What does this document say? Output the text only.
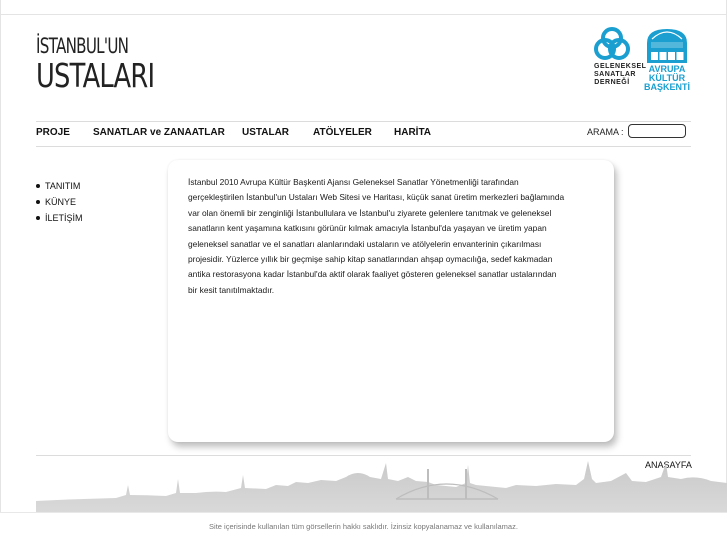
İSTANBUL'UN
USTALARI	GELENEKSEL
SANATLAR
DERNEĞİ
AVRUPA
KÜLTÜR
BAŞKENTİ
PROJE SANATLAR ve ZANAATLAR USTALAR ATÖLYELER HARİTA	ARAMA :
TANITIM
KÜNYE
İLETİŞİM
İstanbul 2010 Avrupa Kültür Başkenti Ajansı Geleneksel Sanatlar Yönetmenliği tarafından
gerçekleştirilen İstanbul'un Ustaları Web Sitesi ve Haritası, küçük sanat üretim merkezleri bağlamında
var olan önemli bir zenginliği İstanbullulara ve İstanbul'u ziyarete gelenlere tanıtmak ve geleneksel
sanatların kent yaşamına katkısını görünür kılmak amacıyla İstanbul'da yaşayan ve üretim yapan
geleneksel sanatlar ve el sanatları alanlarındaki ustaların ve atölyelerin envanterinin çıkarılması
projesidir. Yüzlerce yıllık bir geçmişe sahip kitap sanatlarından ahşap oymacılığa, sedef kakmadan
antika restorasyona kadar İstanbul'da aktif olarak faaliyet gösteren geleneksel sanatlar ustalarından
bir kesit tanıtılmaktadır.
ANASAYFA
Site içerisinde kullanılan tüm görsellerin hakkı saklıdır. İzinsiz kopyalanamaz ve kullanılamaz.
